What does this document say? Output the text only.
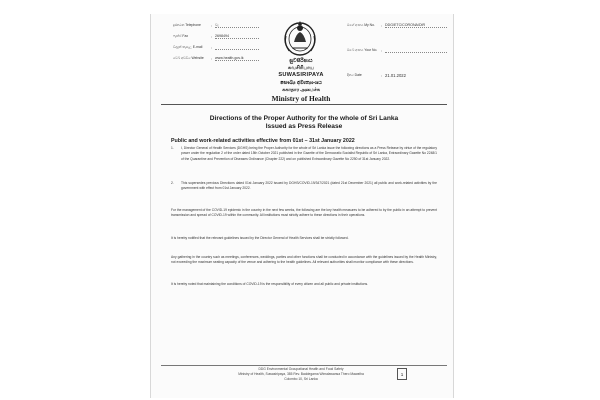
දුරකථන Telephone	: වැ
ෆැක්ස් Fax	: 2698494
විද්‍යුත් තැපෑල E-mail	:
වෙබ් අඩවිය Website	: www.health.gov.lk	සුවසිරිපාය
சுவசிரிபாய
SUWASIRIPAYA
සෞඛ්‍ය අමාත්‍යාංශය
சுகாதார அமைச்சு
Ministry of Health
මගේ අංකය My No.	: DDG/ETC/CORONA/DIR
ඔබේ අංකය Your No. :
දිනය Date	: 21.01.2022
Directions of the Proper Authority for the whole of Sri Lanka
Issued as Press Release
Public and work-related activities effective from 01st – 31st January 2022
1. I, Director General of Health Services (DGHS) being the Proper Authority for the whole of Sri Lanka issue the following directions as a Press Release by virtue of the regulatory power under the regulation 2 of the order dated 15th October 2021 published in the Gazette of the Democratic Socialist Republic of Sri Lanka, Extraordinary Gazette No 2248/1 of the Quarantine and Prevention of Diseases Ordinance (Chapter 222) and on published Extraordinary Gazette No 2250 of 31st January 2022.
2. This supersedes previous Directions dated 01st January 2022 issued by DGHS/COVID-19/347/2021 (dated 21st December 2021) all public and work-related activities by the government with effect from 01st January 2022.
For the management of the COVID-19 epidemic in the country in the next few weeks, the following are the key health measures to be adhered to by the public in an attempt to prevent transmission and spread of COVID-19 within the community. All institutions must strictly adhere to these directions in their operations.
It is hereby notified that the relevant guidelines issued by the Director General of Health Services shall be strictly followed.
Any gathering in the country such as meetings, conferences, weddings, parties and other functions shall be conducted in accordance with the guidelines issued by the Health Ministry, not exceeding the maximum seating capacity of the venue and adhering to the health guidelines. All relevant authorities shall monitor compliance with these directions.
It is hereby noted that maintaining the conditions of COVID-19 is the responsibility of every citizen and all public and private institutions.
DDG Environmental Occupational Health and Food Safety
Ministry of Health, Suwasiripaya, 385 Rev. Baddegama Wimalawansa Thero Mawatha
Colombo 10, Sri Lanka
1
